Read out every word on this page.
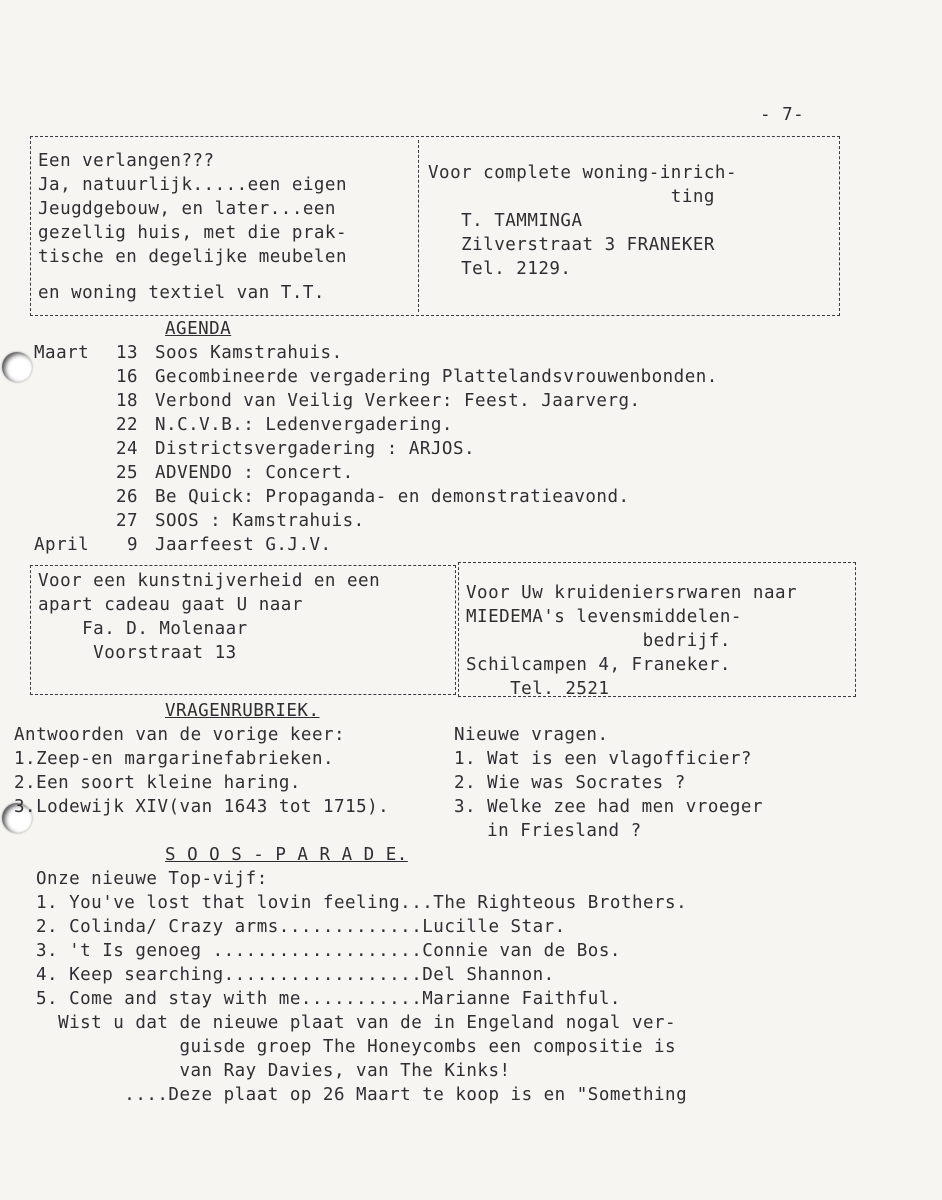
- 7-
Een verlangen???
Ja, natuurlijk.....een eigen
Jeugdgebouw, en later...een
gezellig huis, met die prak-
tische en degelijke meubelen
en woning textiel van T.T.
Voor complete woning-inrich-
ting
T. TAMMINGA
Zilverstraat 3 FRANEKER
Tel. 2129.
AGENDA
Maart 13 Soos Kamstrahuis.
16 Gecombineerde vergadering Plattelandsvrouwenbonden.
18 Verbond van Veilig Verkeer: Feest. Jaarverg.
22 N.C.V.B.: Ledenvergadering.
24 Districtsvergadering : ARJOS.
25 ADVENDO : Concert.
26 Be Quick: Propaganda- en demonstratieavond.
27 SOOS : Kamstrahuis.
April 9 Jaarfeest G.J.V.
Voor een kunstnijverheid en een
apart cadeau gaat U naar
Fa. D. Molenaar
Voorstraat 13
Voor Uw kruideniersrwaren naar
MIEDEMA's levensmiddelen-
bedrijf.
Schilcampen 4, Franeker.
Tel. 2521
VRAGENRUBRIEK.
Antwoorden van de vorige keer:
1.Zeep-en margarinefabrieken.
2.Een soort kleine haring.
3.Lodewijk XIV(van 1643 tot 1715).
Nieuwe vragen.
1. Wat is een vlagofficier?
2. Wie was Socrates ?
3. Welke zee had men vroeger
in Friesland ?
S O O S - P A R A D E.
Onze nieuwe Top-vijf:
1. You've lost that lovin feeling...The Righteous Brothers.
2. Colinda/ Crazy arms.............Lucille Star.
3. 't Is genoeg ...................Connie van de Bos.
4. Keep searching..................Del Shannon.
5. Come and stay with me...........Marianne Faithful.
Wist u dat de nieuwe plaat van de in Engeland nogal ver-
guisde groep The Honeycombs een compositie is
van Ray Davies, van The Kinks!
....Deze plaat op 26 Maart te koop is en "Something
